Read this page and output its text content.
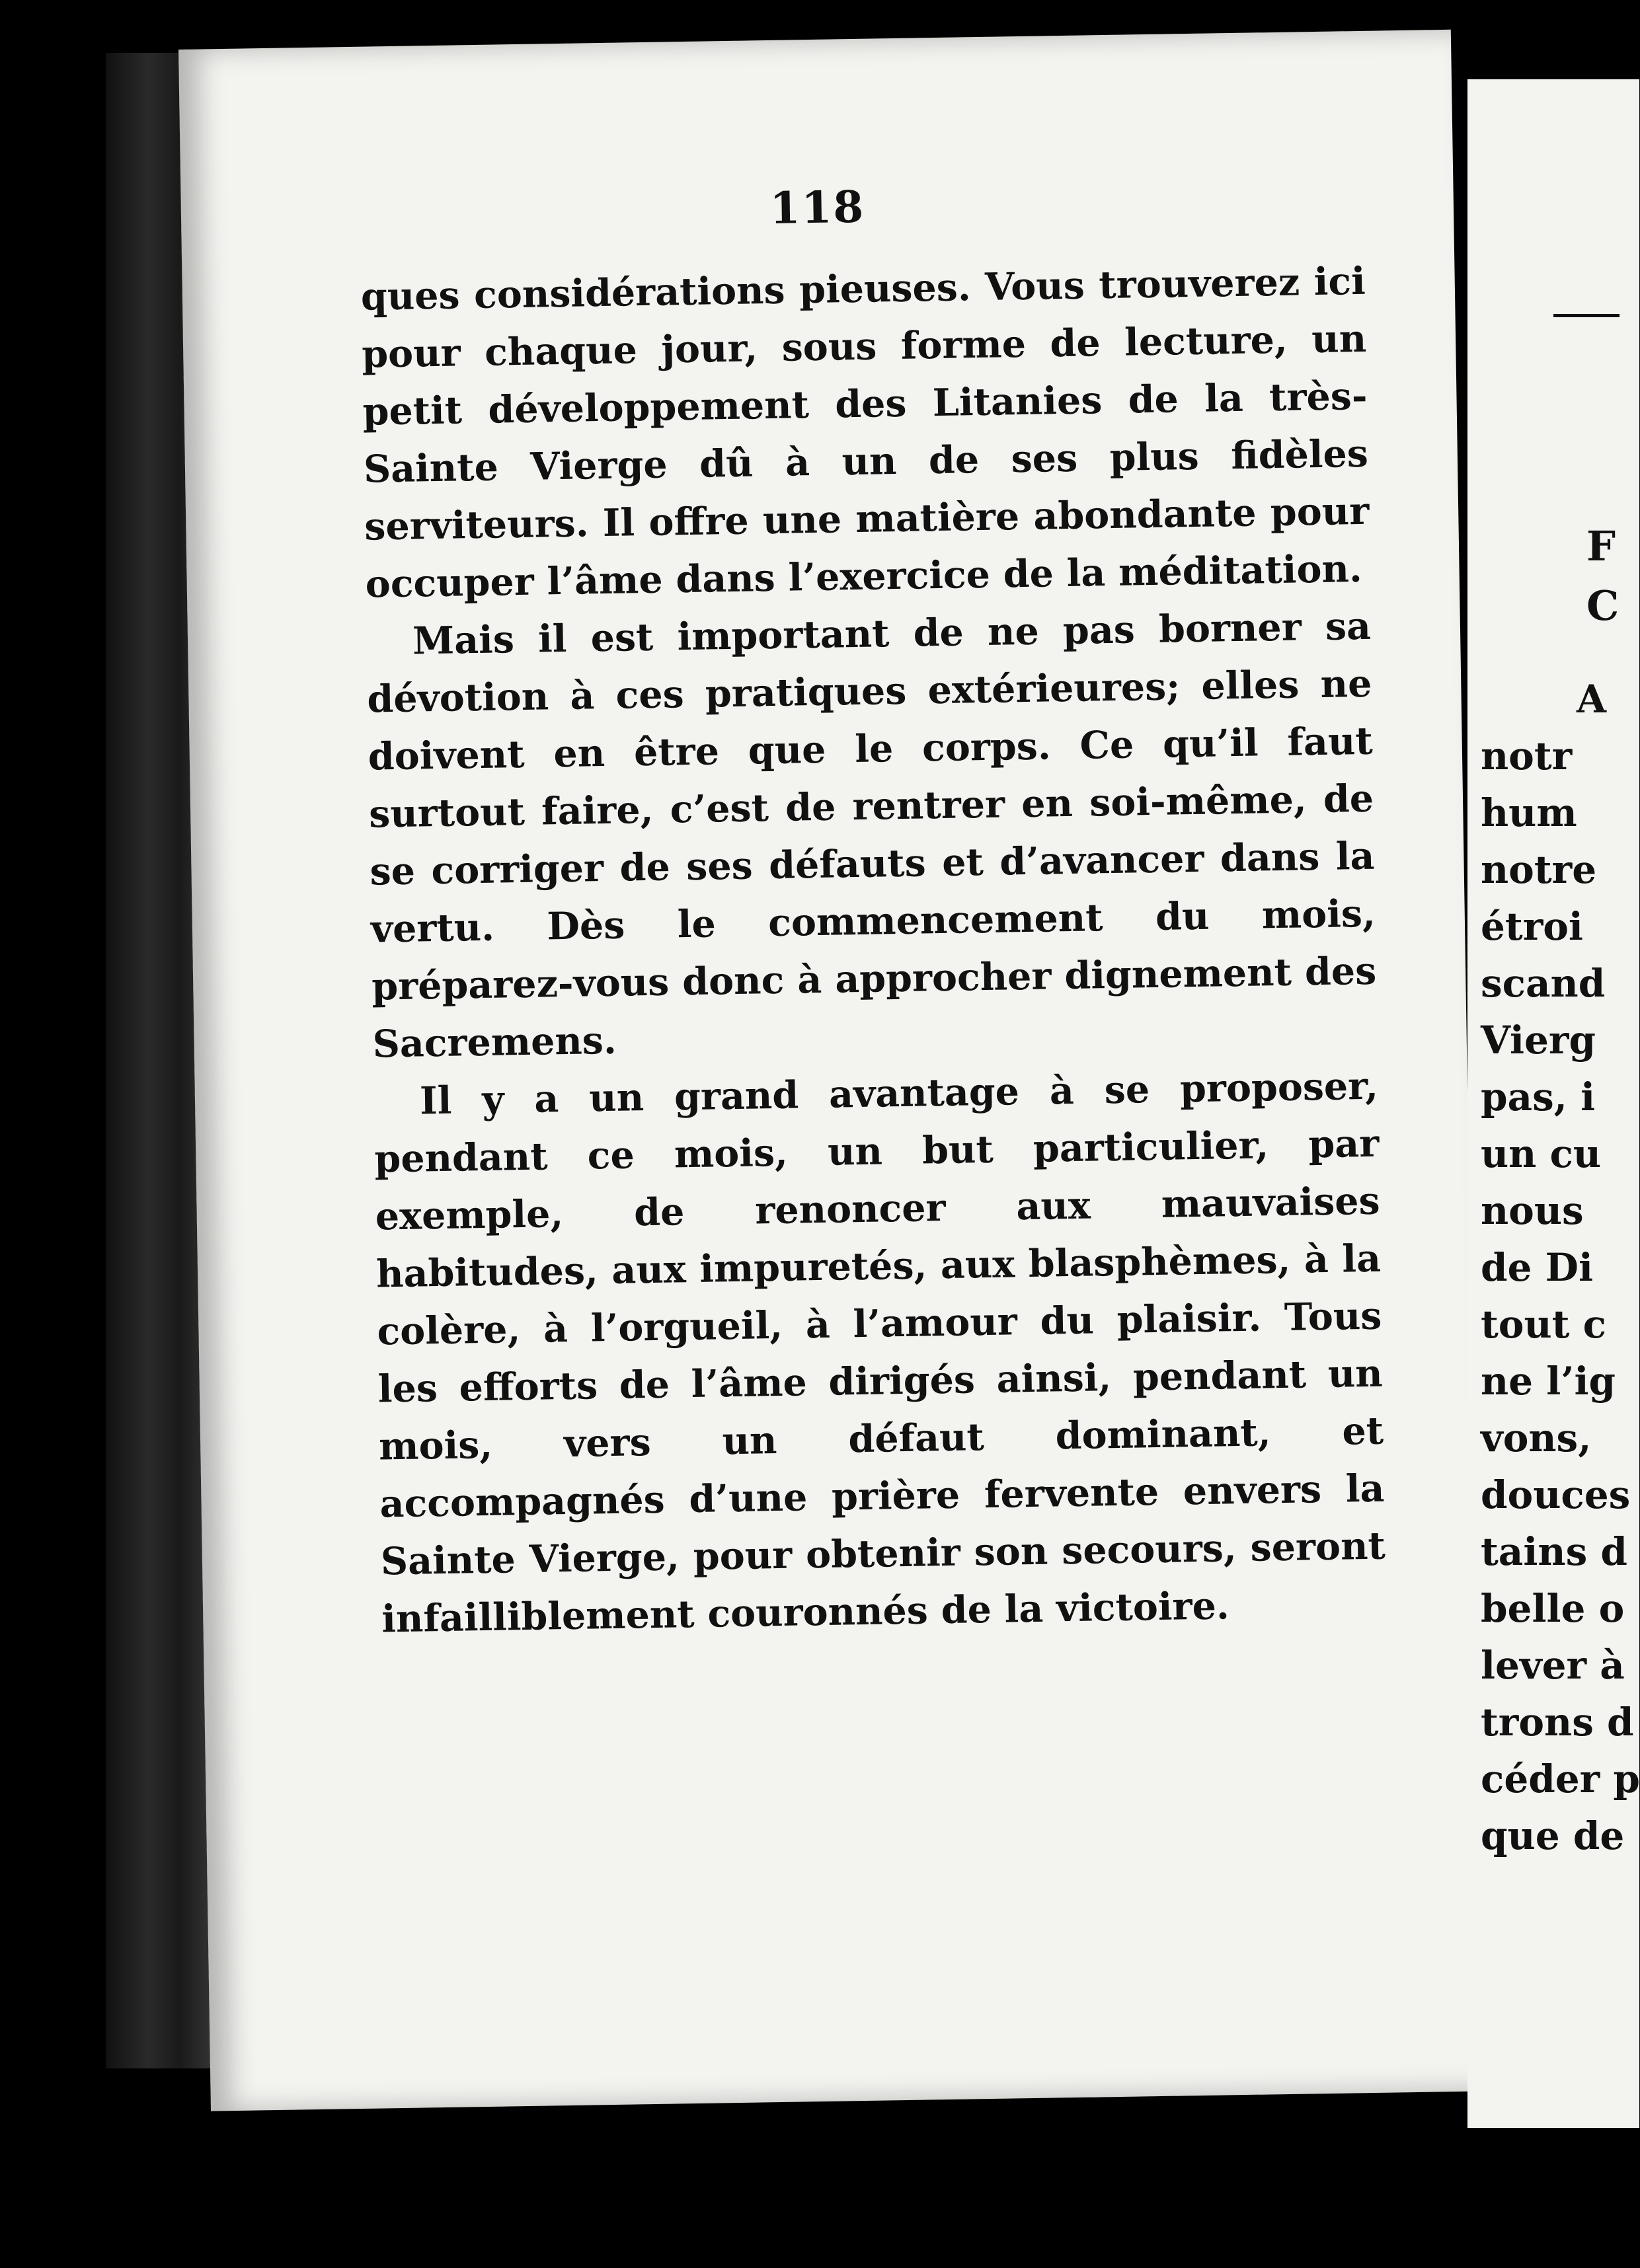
118

ques considérations pieuses. Vous trouverez ici pour chaque jour, sous forme de lecture, un petit développement des Litanies de la très-Sainte Vierge dû à un de ses plus fidèles serviteurs. Il offre une matière abondante pour occuper l’âme dans l’exercice de la méditation.

Mais il est important de ne pas borner sa dévotion à ces pratiques extérieures; elles ne doivent en être que le corps. Ce qu’il faut surtout faire, c’est de rentrer en soi-même, de se corriger de ses défauts et d’avancer dans la vertu. Dès le commencement du mois, préparez-vous donc à approcher dignement des Sacremens.

Il y a un grand avantage à se proposer, pendant ce mois, un but particulier, par exemple, de renoncer aux mauvaises habitudes, aux impuretés, aux blasphèmes, à la colère, à l’orgueil, à l’amour du plaisir. Tous les efforts de l’âme dirigés ainsi, pendant un mois, vers un défaut dominant, et accompagnés d’une prière fervente envers la Sainte Vierge, pour obtenir son secours, seront infailliblement couronnés de la victoire.

F
C
A
notr
hum
notre
étroi
scand
Vierg
pas, i
un cu
nous
de Di
tout c
ne l’ig
vons,
douces
tains d
belle o
lever à
trons d
céder p
que de
